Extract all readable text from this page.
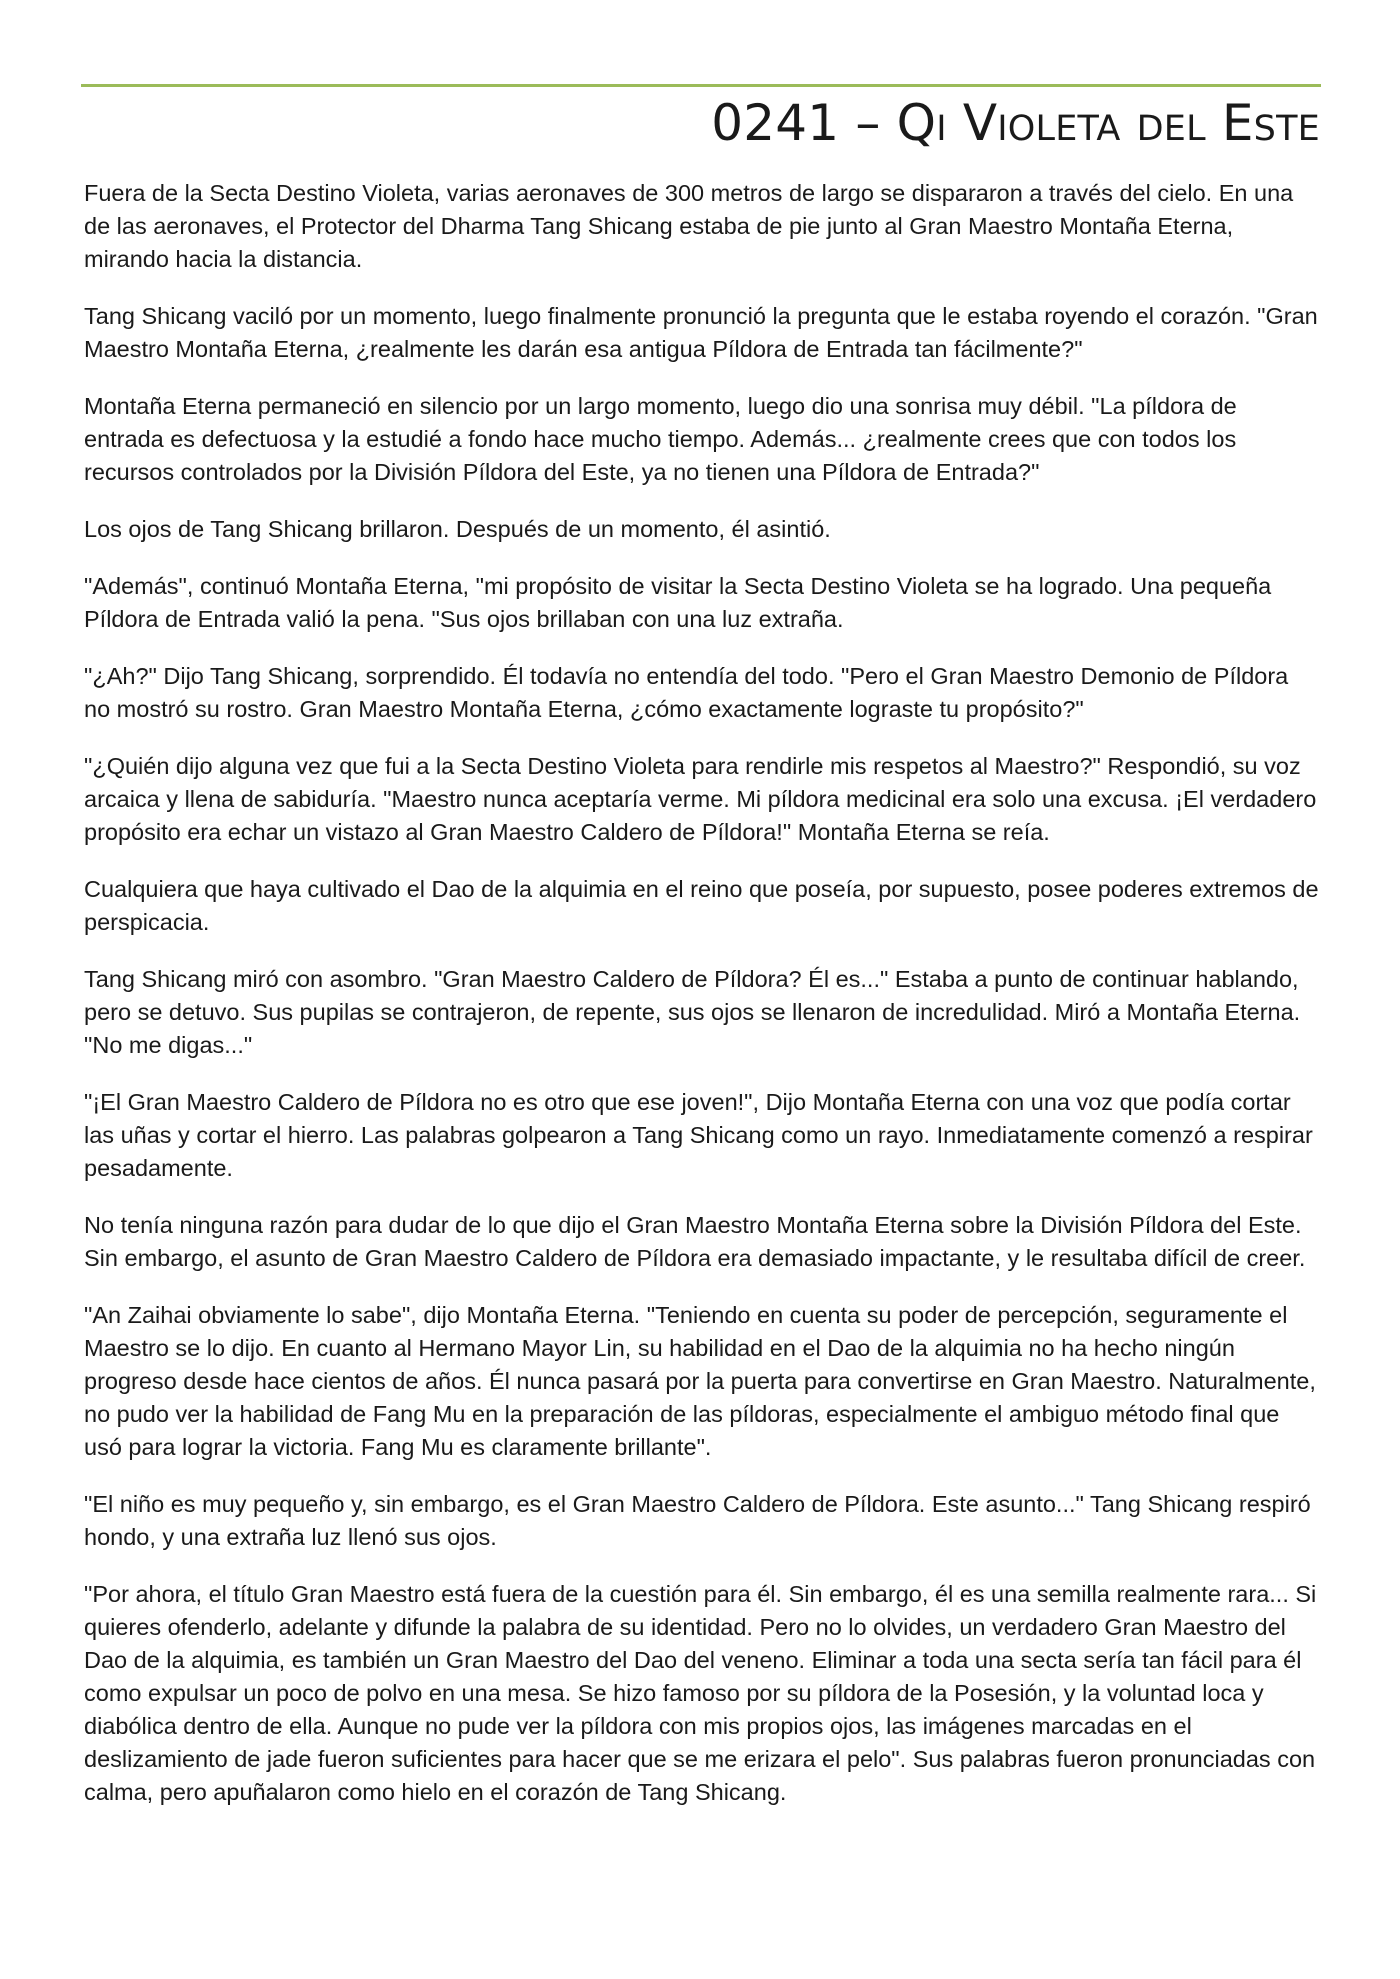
0241 – Qi Violeta del Este

Fuera de la Secta Destino Violeta, varias aeronaves de 300 metros de largo se dispararon a través del cielo. En una de las aeronaves, el Protector del Dharma Tang Shicang estaba de pie junto al Gran Maestro Montaña Eterna, mirando hacia la distancia.

Tang Shicang vaciló por un momento, luego finalmente pronunció la pregunta que le estaba royendo el corazón. "Gran Maestro Montaña Eterna, ¿realmente les darán esa antigua Píldora de Entrada tan fácilmente?"

Montaña Eterna permaneció en silencio por un largo momento, luego dio una sonrisa muy débil. "La píldora de entrada es defectuosa y la estudié a fondo hace mucho tiempo. Además... ¿realmente crees que con todos los recursos controlados por la División Píldora del Este, ya no tienen una Píldora de Entrada?"

Los ojos de Tang Shicang brillaron. Después de un momento, él asintió.

"Además", continuó Montaña Eterna, "mi propósito de visitar la Secta Destino Violeta se ha logrado. Una pequeña Píldora de Entrada valió la pena. "Sus ojos brillaban con una luz extraña.

"¿Ah?" Dijo Tang Shicang, sorprendido. Él todavía no entendía del todo. "Pero el Gran Maestro Demonio de Píldora no mostró su rostro. Gran Maestro Montaña Eterna, ¿cómo exactamente lograste tu propósito?"

"¿Quién dijo alguna vez que fui a la Secta Destino Violeta para rendirle mis respetos al Maestro?" Respondió, su voz arcaica y llena de sabiduría. "Maestro nunca aceptaría verme. Mi píldora medicinal era solo una excusa. ¡El verdadero propósito era echar un vistazo al Gran Maestro Caldero de Píldora!" Montaña Eterna se reía.

Cualquiera que haya cultivado el Dao de la alquimia en el reino que poseía, por supuesto, posee poderes extremos de perspicacia.

Tang Shicang miró con asombro. "Gran Maestro Caldero de Píldora? Él es..." Estaba a punto de continuar hablando, pero se detuvo. Sus pupilas se contrajeron, de repente, sus ojos se llenaron de incredulidad. Miró a Montaña Eterna. "No me digas..."

"¡El Gran Maestro Caldero de Píldora no es otro que ese joven!", Dijo Montaña Eterna con una voz que podía cortar las uñas y cortar el hierro. Las palabras golpearon a Tang Shicang como un rayo. Inmediatamente comenzó a respirar pesadamente.

No tenía ninguna razón para dudar de lo que dijo el Gran Maestro Montaña Eterna sobre la División Píldora del Este. Sin embargo, el asunto de Gran Maestro Caldero de Píldora era demasiado impactante, y le resultaba difícil de creer.

"An Zaihai obviamente lo sabe", dijo Montaña Eterna. "Teniendo en cuenta su poder de percepción, seguramente el Maestro se lo dijo. En cuanto al Hermano Mayor Lin, su habilidad en el Dao de la alquimia no ha hecho ningún progreso desde hace cientos de años. Él nunca pasará por la puerta para convertirse en Gran Maestro. Naturalmente, no pudo ver la habilidad de Fang Mu en la preparación de las píldoras, especialmente el ambiguo método final que usó para lograr la victoria. Fang Mu es claramente brillante".

"El niño es muy pequeño y, sin embargo, es el Gran Maestro Caldero de Píldora. Este asunto..." Tang Shicang respiró hondo, y una extraña luz llenó sus ojos.

"Por ahora, el título Gran Maestro está fuera de la cuestión para él. Sin embargo, él es una semilla realmente rara... Si quieres ofenderlo, adelante y difunde la palabra de su identidad. Pero no lo olvides, un verdadero Gran Maestro del Dao de la alquimia, es también un Gran Maestro del Dao del veneno. Eliminar a toda una secta sería tan fácil para él como expulsar un poco de polvo en una mesa. Se hizo famoso por su píldora de la Posesión, y la voluntad loca y diabólica dentro de ella. Aunque no pude ver la píldora con mis propios ojos, las imágenes marcadas en el deslizamiento de jade fueron suficientes para hacer que se me erizara el pelo". Sus palabras fueron pronunciadas con calma, pero apuñalaron como hielo en el corazón de Tang Shicang.
